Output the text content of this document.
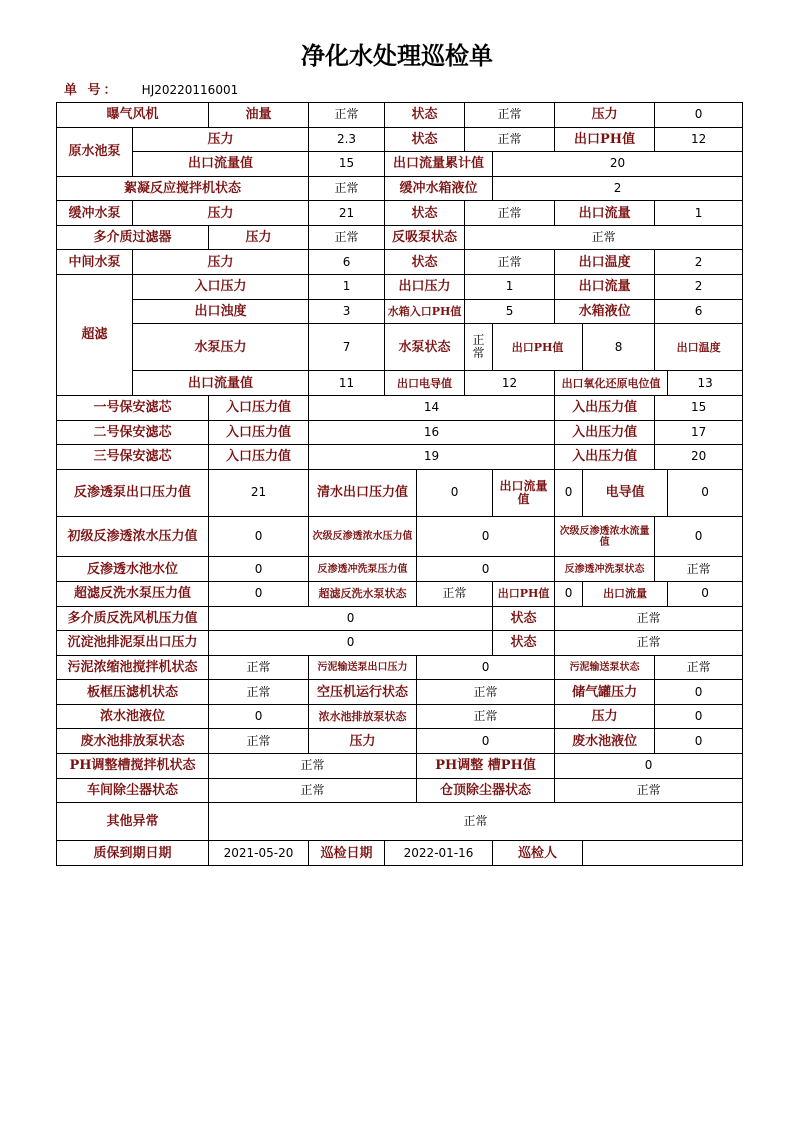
净化水处理巡检单
单 号： HJ20220116001
曝气风机		油量	正常	状态		正常		压力		0		
原水池泵	压力		2.3	状态		正常		出口PH值		12		
	出口流量值		15	出口流量累计值			20					
絮凝反应搅拌机状态			正常	缓冲水箱液位			2					
缓冲水泵	压力		21	状态		正常		出口流量		1		
多介质过滤器		压力	正常	反吸泵状态		正常						
中间水泵	压力		6	状态		正常		出口温度		2		
超滤	入口压力		1	出口压力		1		出口流量		2		
	出口浊度		3	水箱入口PH值		5		水箱液位		6		
	水泵压力		7	水泵状态		正常	出口PH值		8	出口温度	
	出口流量值		11	出口电导值		12		出口氧化还原电位值			13	
一号保安滤芯		入口压力值	14					入出压力值		15		
二号保安滤芯		入口压力值	16					入出压力值		17		
三号保安滤芯		入口压力值	19					入出压力值		20		
反渗透泵出口压力值		21	清水出口压力值		0		出口流量值	0	电导值		0	
初级反渗透浓水压力值		0	次级反渗透浓水压力值		0			次级反渗透浓水流量值		0		
反渗透水池水位		0	反渗透冲洗泵压力值		0			反渗透冲洗泵状态		正常		
超滤反洗水泵压力值		0	超滤反洗水泵状态		正常		出口PH值	0	出口流量		0	
多介质反洗风机压力值		0					状态	正常				
沉淀池排泥泵出口压力		0					状态	正常				
污泥浓缩池搅拌机状态		正常	污泥输送泵出口压力		0			污泥输送泵状态		正常		
板框压滤机状态		正常	空压机运行状态		正常			储气罐压力		0		
浓水池液位		0	浓水池排放泵状态		正常			压力		0		
废水池排放泵状态		正常	压力		0			废水池液位		0		
PH调整槽搅拌机状态		正常			PH调整 槽PH值			0				
车间除尘器状态		正常			仓顶除尘器状态			正常				
其他异常		正常										
质保到期日期		2021-05-20	巡检日期	2022-01-16			巡检人					
